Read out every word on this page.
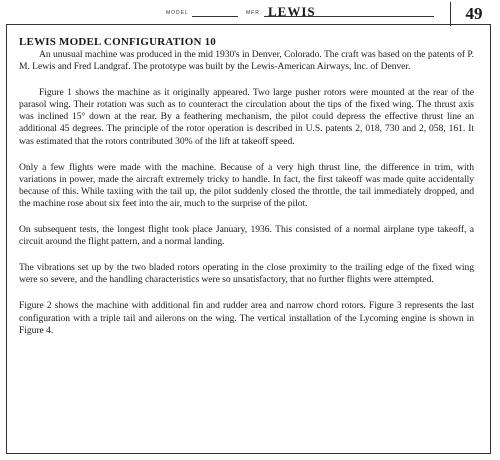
MODEL	MFR. LEWIS	49
LEWIS MODEL CONFIGURATION 10

An unusual machine was produced in the mid 1930's in Denver, Colorado. The craft was based on the patents of P. M. Lewis and Fred Landgraf. The prototype was built by the Lewis-American Airways, Inc. of Denver.

Figure 1 shows the machine as it originally appeared. Two large pusher rotors were mounted at the rear of the parasol wing. Their rotation was such as to counteract the circulation about the tips of the fixed wing. The thrust axis was inclined 15° down at the rear. By a feathering mechanism, the pilot could depress the effective thrust line an additional 45 degrees. The principle of the rotor operation is described in U.S. patents 2, 018, 730 and 2, 058, 161. It was estimated that the rotors contributed 30% of the lift at takeoff speed.

Only a few flights were made with the machine. Because of a very high thrust line, the difference in trim, with variations in power, made the aircraft extremely tricky to handle. In fact, the first takeoff was made quite accidentally because of this. While taxiing with the tail up, the pilot suddenly closed the throttle, the tail immediately dropped, and the machine rose about six feet into the air, much to the surprise of the pilot.

On subsequent tests, the longest flight took place January, 1936. This consisted of a normal airplane type takeoff, a circuit around the flight pattern, and a normal landing.

The vibrations set up by the two bladed rotors operating in the close proximity to the trailing edge of the fixed wing were so severe, and the handling characteristics were so unsatisfactory, that no further flights were attempted.

Figure 2 shows the machine with additional fin and rudder area and narrow chord rotors. Figure 3 represents the last configuration with a triple tail and ailerons on the wing. The vertical installation of the Lycoming engine is shown in Figure 4.
